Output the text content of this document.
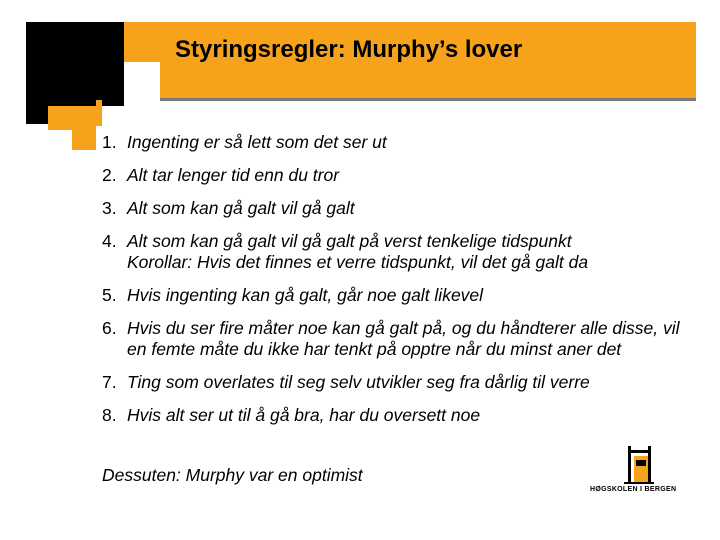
Styringsregler: Murphy’s lover
1. Ingenting er så lett som det ser ut
2. Alt tar lenger tid enn du tror
3. Alt som kan gå galt vil gå galt
4. Alt som kan gå galt vil gå galt på verst tenkelige tidspunkt
Korollar: Hvis det finnes et verre tidspunkt, vil det gå galt da
5. Hvis ingenting kan gå galt, går noe galt likevel
6. Hvis du ser fire måter noe kan gå galt på, og du håndterer alle disse, vil en femte måte du ikke har tenkt på opptre når du minst aner det
7. Ting som overlates til seg selv utvikler seg fra dårlig til verre
8. Hvis alt ser ut til å gå bra, har du oversett noe
Dessuten: Murphy var en optimist
HØGSKOLEN I BERGEN
